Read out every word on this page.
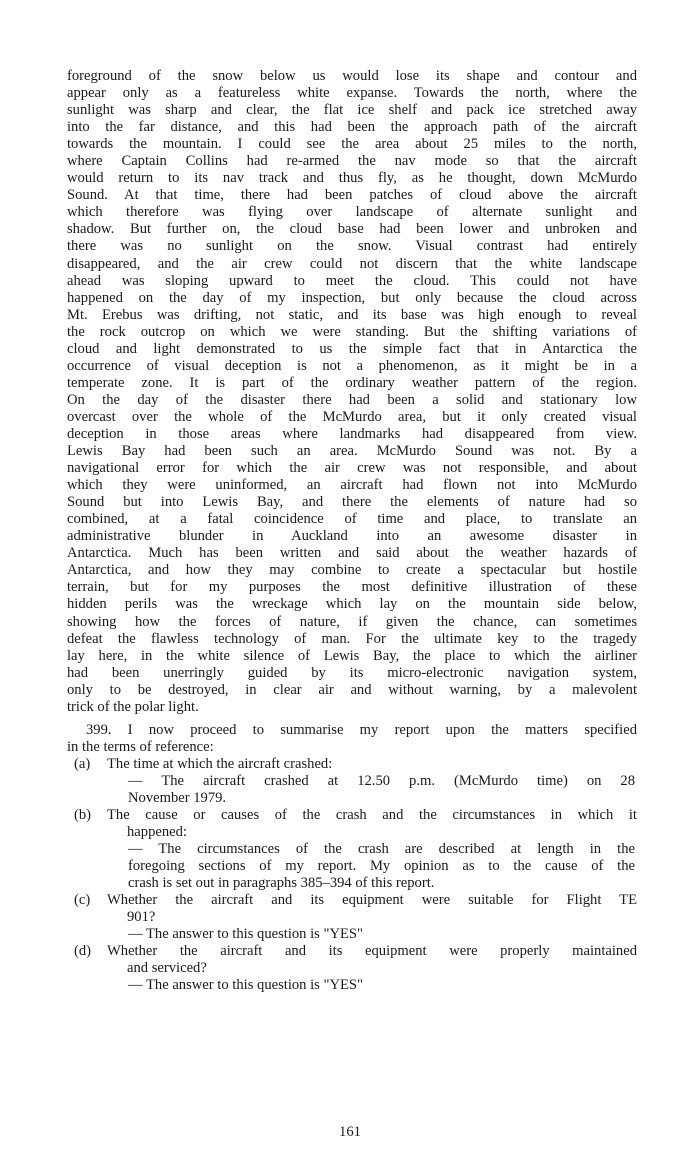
foreground of the snow below us would lose its shape and contour and

appear only as a featureless white expanse. Towards the north, where the

sunlight was sharp and clear, the flat ice shelf and pack ice stretched away

into the far distance, and this had been the approach path of the aircraft

towards the mountain. I could see the area about 25 miles to the north,

where Captain Collins had re-armed the nav mode so that the aircraft

would return to its nav track and thus fly, as he thought, down McMurdo

Sound. At that time, there had been patches of cloud above the aircraft

which therefore was flying over landscape of alternate sunlight and

shadow. But further on, the cloud base had been lower and unbroken and

there was no sunlight on the snow. Visual contrast had entirely

disappeared, and the air crew could not discern that the white landscape

ahead was sloping upward to meet the cloud. This could not have

happened on the day of my inspection, but only because the cloud across

Mt. Erebus was drifting, not static, and its base was high enough to reveal

the rock outcrop on which we were standing. But the shifting variations of

cloud and light demonstrated to us the simple fact that in Antarctica the

occurrence of visual deception is not a phenomenon, as it might be in a

temperate zone. It is part of the ordinary weather pattern of the region.

On the day of the disaster there had been a solid and stationary low

overcast over the whole of the McMurdo area, but it only created visual

deception in those areas where landmarks had disappeared from view.

Lewis Bay had been such an area. McMurdo Sound was not. By a

navigational error for which the air crew was not responsible, and about

which they were uninformed, an aircraft had flown not into McMurdo

Sound but into Lewis Bay, and there the elements of nature had so

combined, at a fatal coincidence of time and place, to translate an

administrative blunder in Auckland into an awesome disaster in

Antarctica. Much has been written and said about the weather hazards of

Antarctica, and how they may combine to create a spectacular but hostile

terrain, but for my purposes the most definitive illustration of these

hidden perils was the wreckage which lay on the mountain side below,

showing how the forces of nature, if given the chance, can sometimes

defeat the flawless technology of man. For the ultimate key to the tragedy

lay here, in the white silence of Lewis Bay, the place to which the airliner

had been unerringly guided by its micro-electronic navigation system,

only to be destroyed, in clear air and without warning, by a malevolent

trick of the polar light.

399. I now proceed to summarise my report upon the matters specified

in the terms of reference:

(a) The time at which the aircraft crashed:
— The aircraft crashed at 12.50 p.m. (McMurdo time) on 28
November 1979.
(b) The cause or causes of the crash and the circumstances in which it
happened:
— The circumstances of the crash are described at length in the
foregoing sections of my report. My opinion as to the cause of the
crash is set out in paragraphs 385–394 of this report.
(c) Whether the aircraft and its equipment were suitable for Flight TE
901?
— The answer to this question is "YES"
(d) Whether the aircraft and its equipment were properly maintained
and serviced?
— The answer to this question is "YES"
161
